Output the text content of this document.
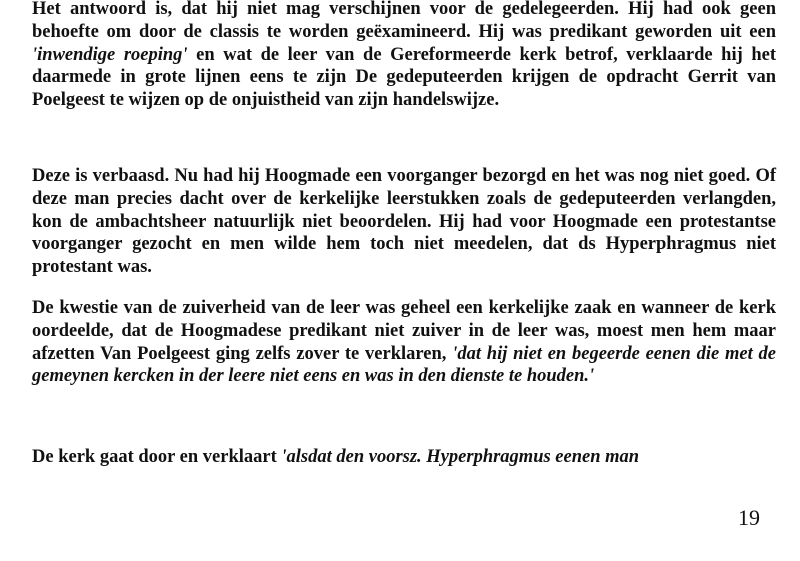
Het antwoord is, dat hij niet mag verschijnen voor de gedelegeerden. Hij had ook geen behoefte om door de classis te worden geëxamineerd. Hij was predikant geworden uit een 'inwendige roeping' en wat de leer van de Gereformeerde kerk betrof, verklaarde hij het daarmede in grote lijnen eens te zijn De gedeputeerden krijgen de opdracht Gerrit van Poelgeest te wijzen op de onjuistheid van zijn handelswijze.

Deze is verbaasd. Nu had hij Hoogmade een voorganger bezorgd en het was nog niet goed. Of deze man precies dacht over de kerkelijke leerstukken zoals de gedeputeerden verlangden, kon de ambachtsheer natuurlijk niet beoordelen. Hij had voor Hoogmade een protestantse voorganger gezocht en men wilde hem toch niet meedelen, dat ds Hyperphragmus niet protestant was.

De kwestie van de zuiverheid van de leer was geheel een kerkelijke zaak en wanneer de kerk oordeelde, dat de Hoogmadese predikant niet zuiver in de leer was, moest men hem maar afzetten Van Poelgeest ging zelfs zover te verklaren, 'dat hij niet en begeerde eenen die met de gemeynen kercken in der leere niet eens en was in den dienste te houden.'

De kerk gaat door en verklaart 'alsdat den voorsz. Hyperphragmus eenen man

19
